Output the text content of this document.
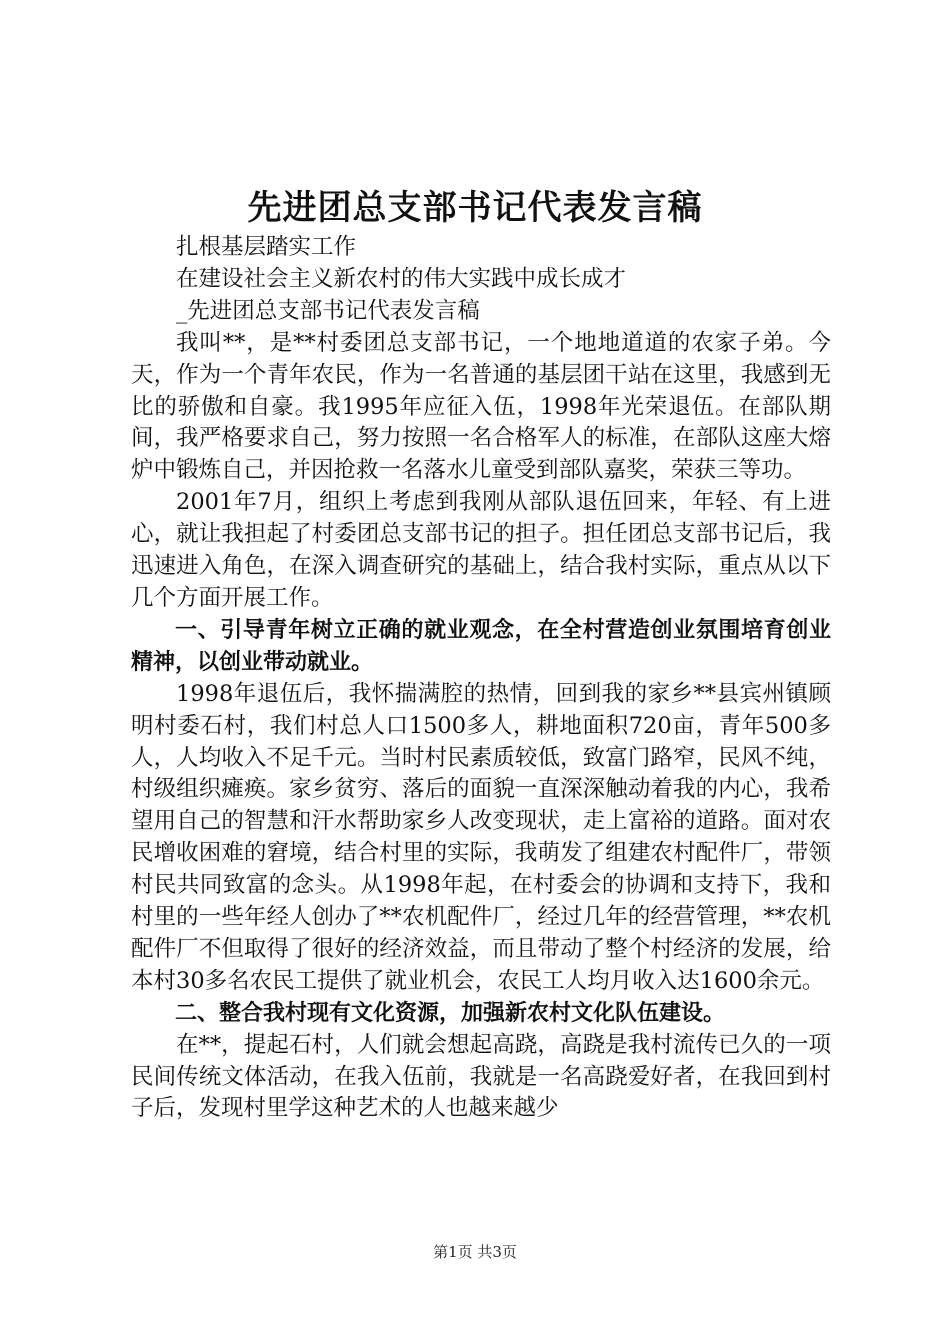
先进团总支部书记代表发言稿

扎根基层踏实工作

在建设社会主义新农村的伟大实践中成长成才

_先进团总支部书记代表发言稿

我叫**，是**村委团总支部书记，一个地地道道的农家子弟。今天，作为一个青年农民，作为一名普通的基层团干站在这里，我感到无比的骄傲和自豪。我1995年应征入伍，1998年光荣退伍。在部队期间，我严格要求自己，努力按照一名合格军人的标准，在部队这座大熔炉中锻炼自己，并因抢救一名落水儿童受到部队嘉奖，荣获三等功。

2001年7月，组织上考虑到我刚从部队退伍回来，年轻、有上进心，就让我担起了村委团总支部书记的担子。担任团总支部书记后，我迅速进入角色，在深入调查研究的基础上，结合我村实际，重点从以下几个方面开展工作。

一、引导青年树立正确的就业观念，在全村营造创业氛围培育创业精神，以创业带动就业。

1998年退伍后，我怀揣满腔的热情，回到我的家乡**县宾州镇顾明村委石村，我们村总人口1500多人，耕地面积720亩，青年500多人，人均收入不足千元。当时村民素质较低，致富门路窄，民风不纯，村级组织瘫痪。家乡贫穷、落后的面貌一直深深触动着我的内心，我希望用自己的智慧和汗水帮助家乡人改变现状，走上富裕的道路。面对农民增收困难的窘境，结合村里的实际，我萌发了组建农村配件厂，带领村民共同致富的念头。从1998年起，在村委会的协调和支持下，我和村里的一些年经人创办了**农机配件厂，经过几年的经营管理，**农机配件厂不但取得了很好的经济效益，而且带动了整个村经济的发展，给本村30多名农民工提供了就业机会，农民工人均月收入达1600余元。

二、整合我村现有文化资源，加强新农村文化队伍建设。

在**，提起石村，人们就会想起高跷，高跷是我村流传已久的一项民间传统文体活动，在我入伍前，我就是一名高跷爱好者，在我回到村子后，发现村里学这种艺术的人也越来越少

第1页 共3页
